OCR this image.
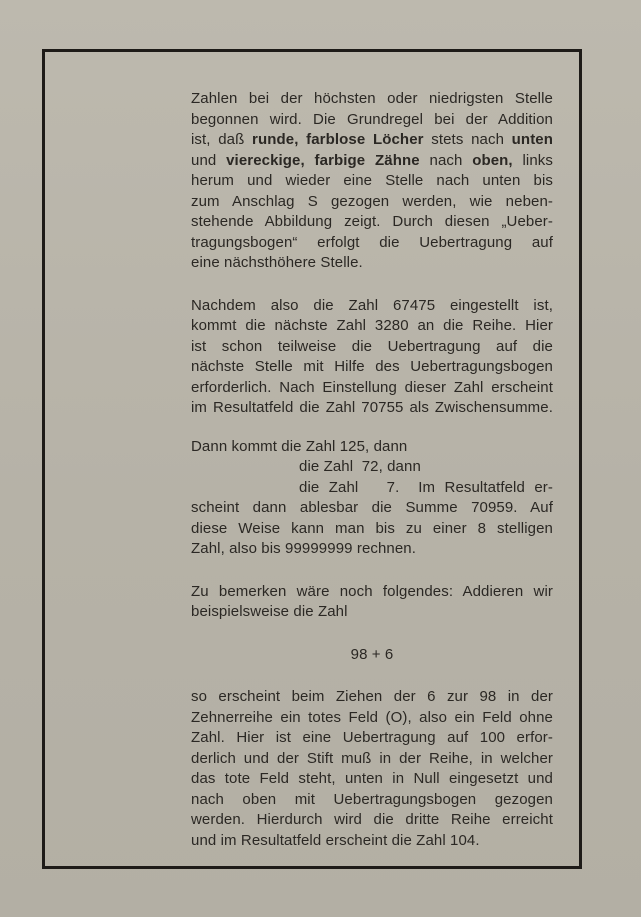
Zahlen bei der höchsten oder niedrigsten Stelle
begonnen wird. Die Grundregel bei der Addition
ist, daß runde, farblose Löcher stets nach unten
und viereckige, farbige Zähne nach oben, links
herum und wieder eine Stelle nach unten bis
zum Anschlag S gezogen werden, wie neben-
stehende Abbildung zeigt. Durch diesen „Ueber-
tragungsbogen“ erfolgt die Uebertragung auf
eine nächsthöhere Stelle.

Nachdem also die Zahl 67475 eingestellt ist,
kommt die nächste Zahl 3280 an die Reihe. Hier
ist schon teilweise die Uebertragung auf die
nächste Stelle mit Hilfe des Uebertragungsbogen
erforderlich. Nach Einstellung dieser Zahl erscheint
im Resultatfeld die Zahl 70755 als Zwischensumme.

Dann kommt die Zahl 125, dann
die Zahl  72, dann
die Zahl   7.  Im Resultatfeld er-
scheint dann ablesbar die Summe 70959. Auf
diese Weise kann man bis zu einer 8 stelligen
Zahl, also bis 99999999 rechnen.

Zu bemerken wäre noch folgendes: Addieren wir
beispielsweise die Zahl

98 + 6

so erscheint beim Ziehen der 6 zur 98 in der
Zehnerreihe ein totes Feld (O), also ein Feld ohne
Zahl. Hier ist eine Uebertragung auf 100 erfor-
derlich und der Stift muß in der Reihe, in welcher
das tote Feld steht, unten in Null eingesetzt und
nach oben mit Uebertragungsbogen gezogen
werden. Hierdurch wird die dritte Reihe erreicht
und im Resultatfeld erscheint die Zahl 104.
